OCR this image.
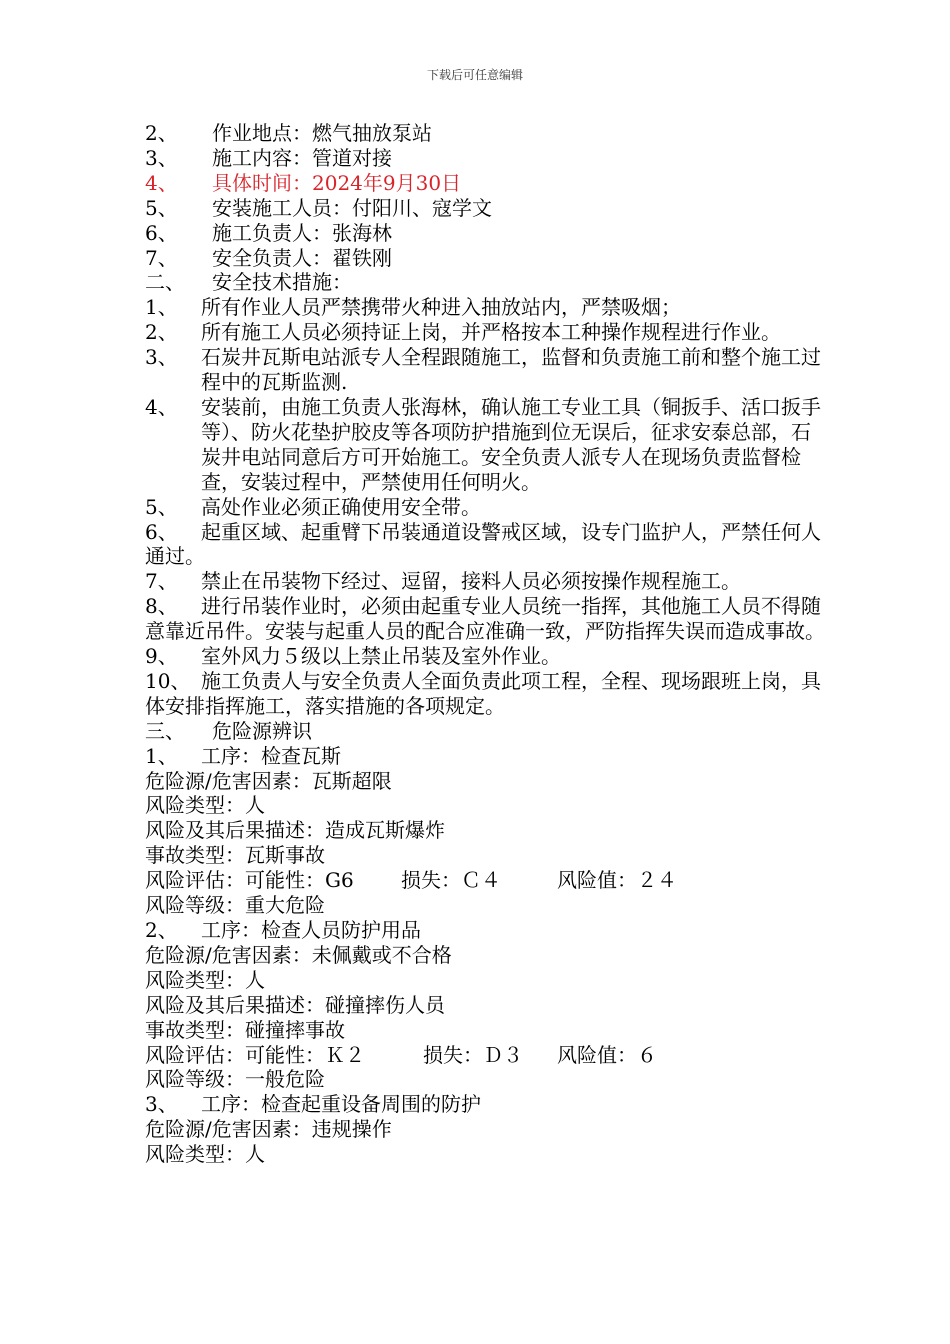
下载后可任意编辑
2、 作业地点：燃气抽放泵站
3、 施工内容：管道对接
4、 具体时间：2024年9月30日
5、 安装施工人员：付阳川、寇学文
6、 施工负责人：张海林
7、 安全负责人：翟铁刚
二、 安全技术措施：
1、	所有作业人员严禁携带火种进入抽放站内，严禁吸烟；
2、	所有施工人员必须持证上岗，并严格按本工种操作规程进行作业。
3、	石炭井瓦斯电站派专人全程跟随施工，监督和负责施工前和整个施工过程中的瓦斯监测.
4、	安装前，由施工负责人张海林，确认施工专业工具（铜扳手、活口扳手等）、防火花垫护胶皮等各项防护措施到位无误后，征求安泰总部，石炭井电站同意后方可开始施工。安全负责人派专人在现场负责监督检查，安装过程中，严禁使用任何明火。
5、	高处作业必须正确使用安全带。
6、 起重区域、起重臂下吊装通道设警戒区域，设专门监护人，严禁任何人通过。
7、 禁止在吊装物下经过、逗留，接料人员必须按操作规程施工。
8、 进行吊装作业时，必须由起重专业人员统一指挥，其他施工人员不得随意靠近吊件。安装与起重人员的配合应准确一致，严防指挥失误而造成事故。
9、 室外风力５级以上禁止吊装及室外作业。
10、 施工负责人与安全负责人全面负责此项工程，全程、现场跟班上岗，具体安排指挥施工，落实措施的各项规定。
三、 危险源辨识
1、 工序：检查瓦斯
危险源/危害因素：瓦斯超限
风险类型：人
风险及其后果描述：造成瓦斯爆炸
事故类型：瓦斯事故
风险评估：可能性：G6 损失：Ｃ４	风险值：２４
风险等级：重大危险
2、 工序：检查人员防护用品
危险源/危害因素：未佩戴或不合格
风险类型：人
风险及其后果描述：碰撞摔伤人员
事故类型：碰撞摔事故
风险评估：可能性：Ｋ２	损失：Ｄ３ 风险值：６
风险等级：一般危险
3、 工序：检查起重设备周围的防护
危险源/危害因素：违规操作
风险类型：人
